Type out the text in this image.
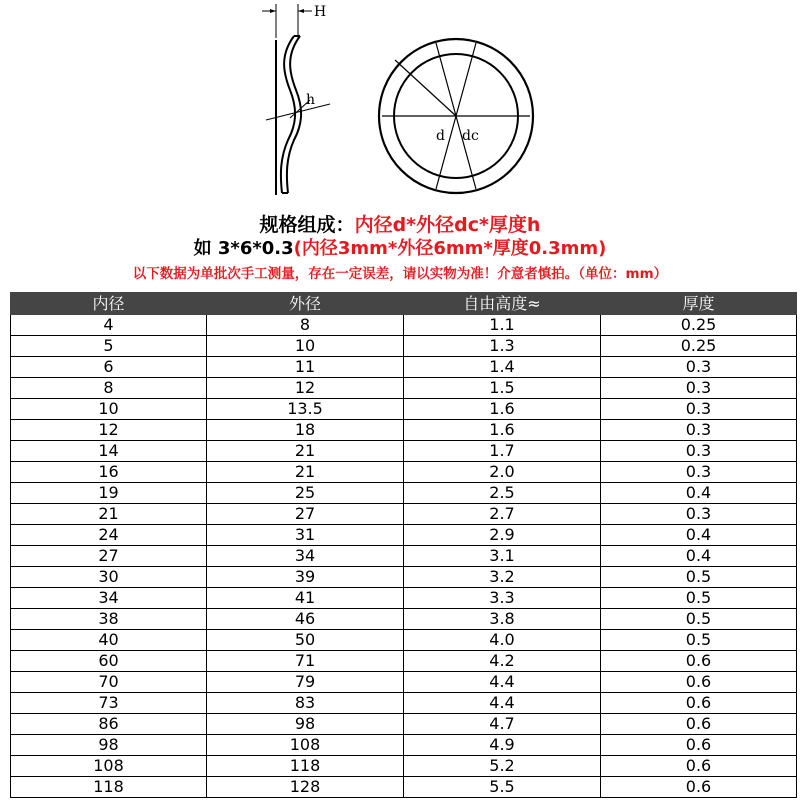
H
h
d dc
规格组成：内径d*外径dc*厚度h
如 3*6*0.3(内径3mm*外径6mm*厚度0.3mm)
以下数据为单批次手工测量，存在一定误差，请以实物为准！介意者慎拍。（单位：mm）
内径	外径	自由高度≈	厚度
4	8	1.1	0.25
5	10	1.3	0.25
6	11	1.4	0.3
8	12	1.5	0.3
10	13.5	1.6	0.3
12	18	1.6	0.3
14	21	1.7	0.3
16	21	2.0	0.3
19	25	2.5	0.4
21	27	2.7	0.3
24	31	2.9	0.4
27	34	3.1	0.4
30	39	3.2	0.5
34	41	3.3	0.5
38	46	3.8	0.5
40	50	4.0	0.5
60	71	4.2	0.6
70	79	4.4	0.6
73	83	4.4	0.6
86	98	4.7	0.6
98	108	4.9	0.6
108	118	5.2	0.6
118	128	5.5	0.6
